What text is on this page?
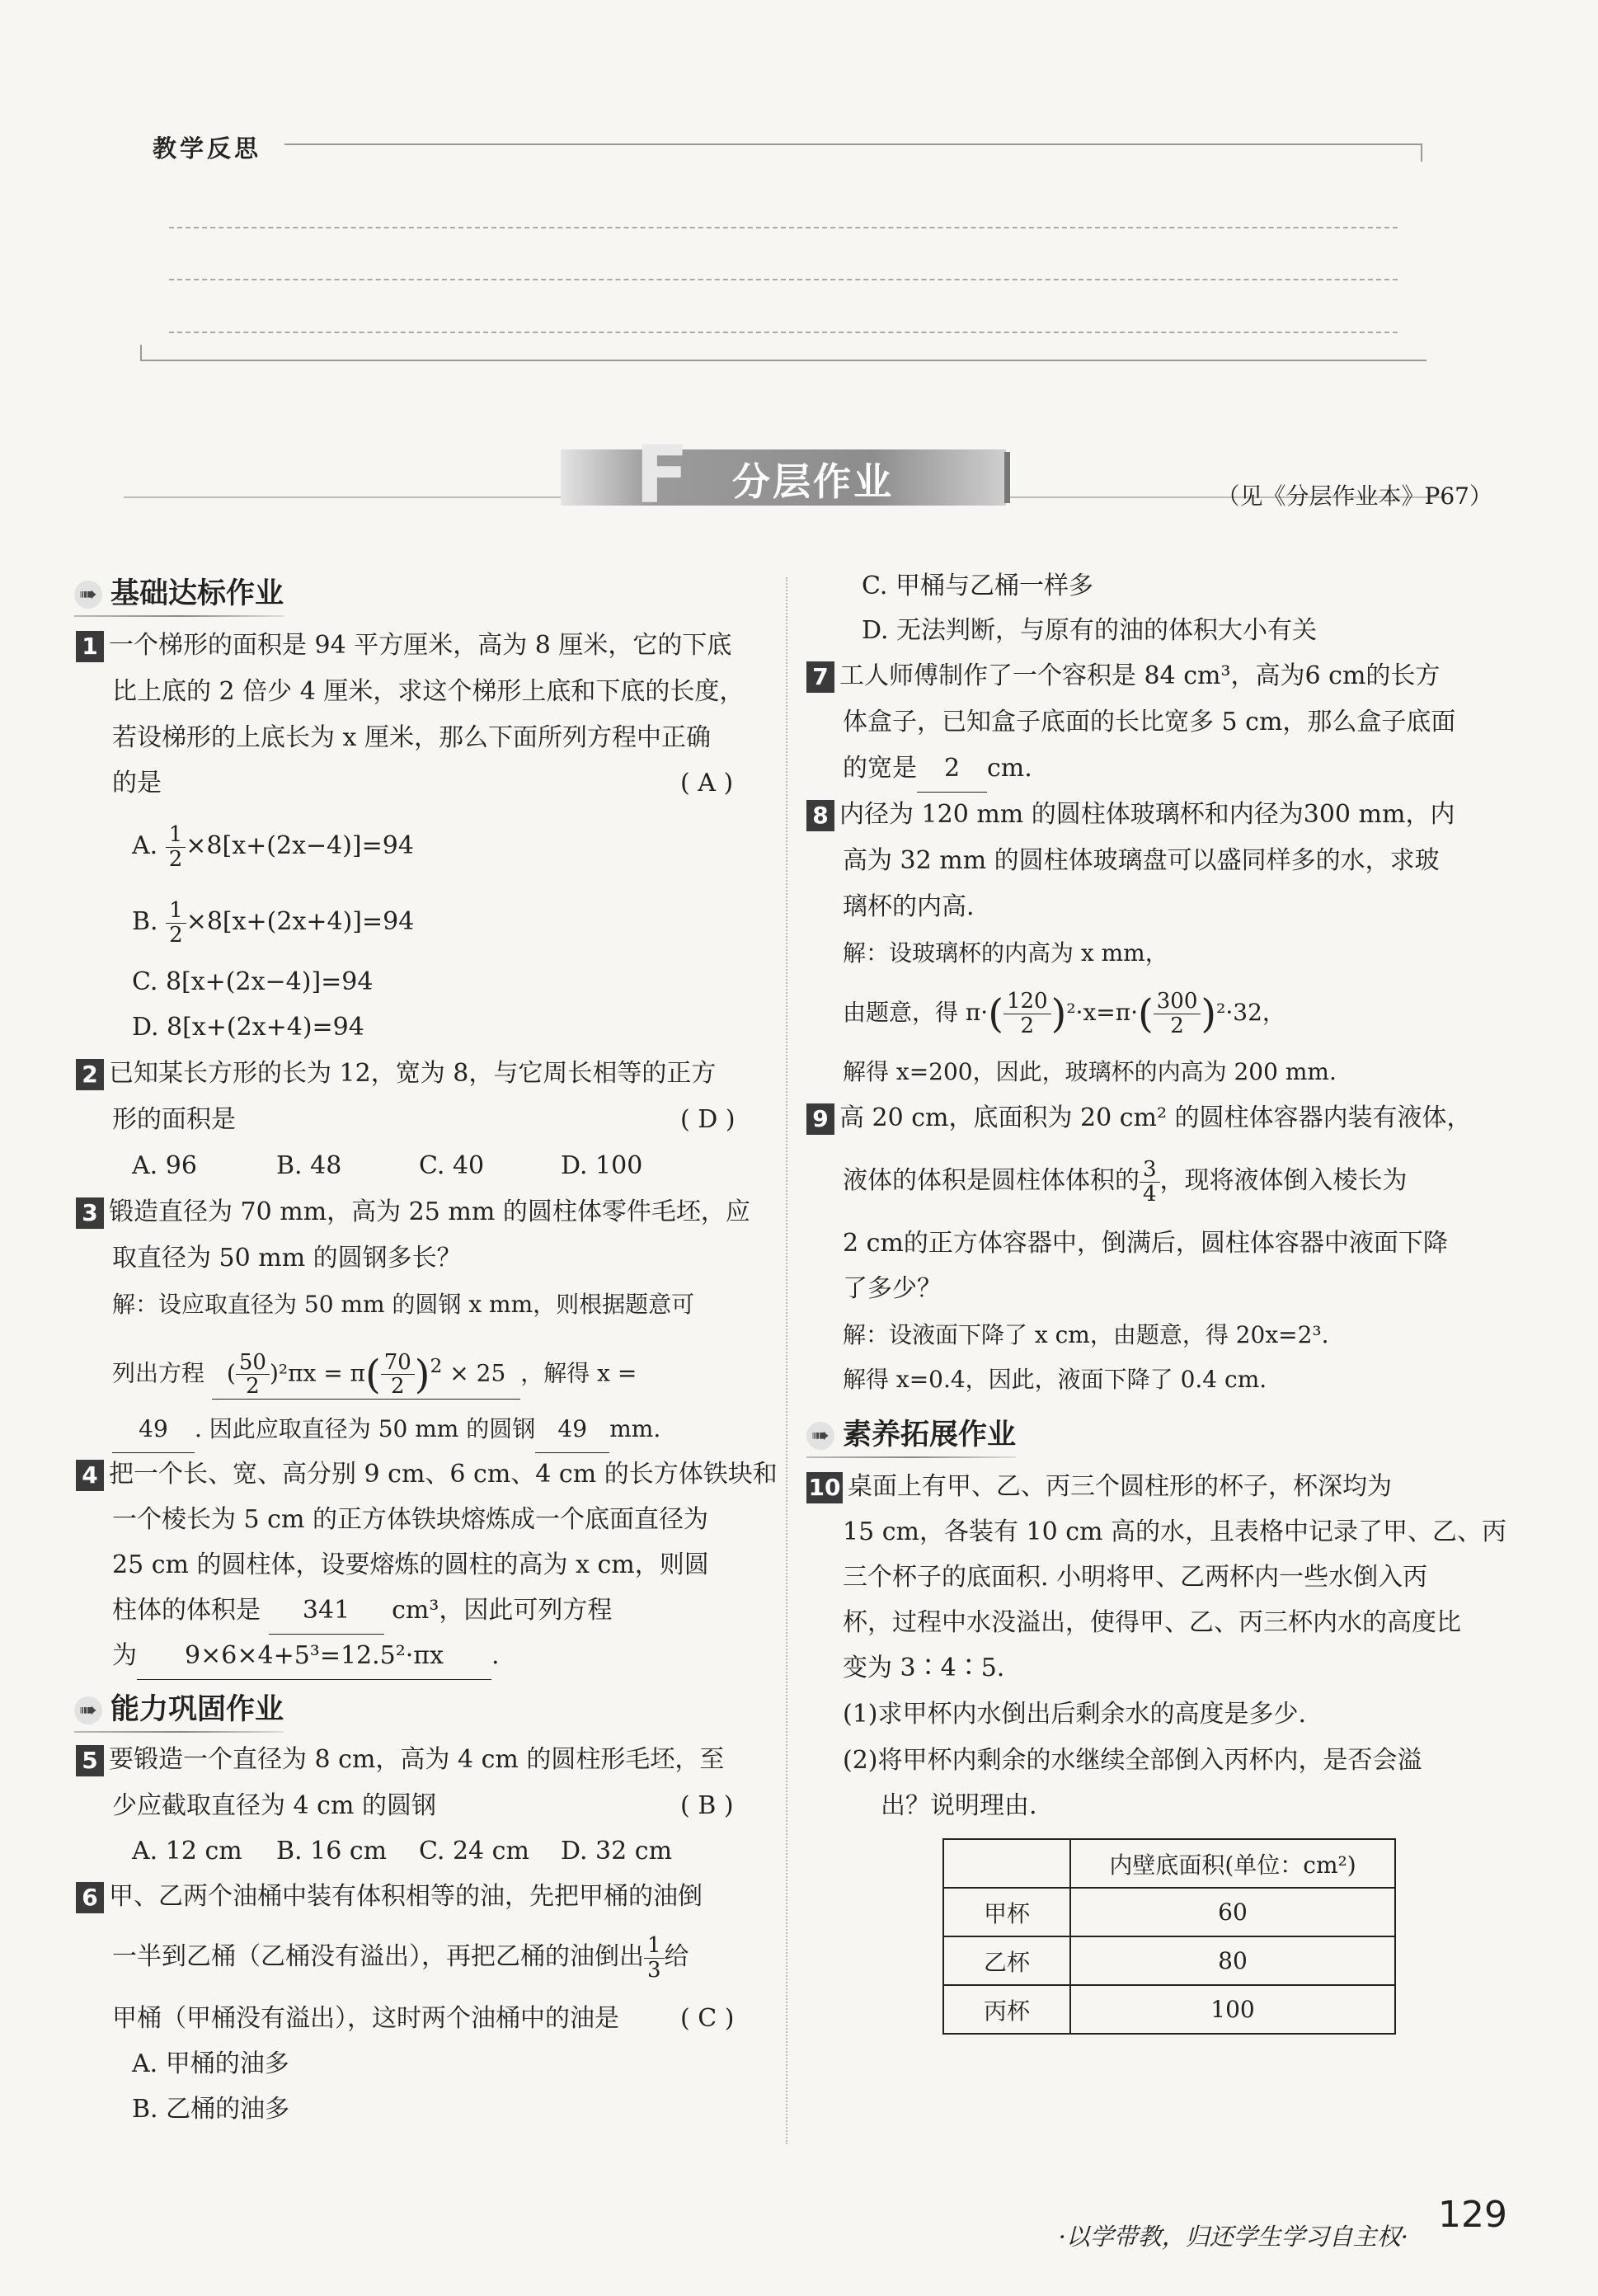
教学反思
F 分层作业	（见《分层作业本》P67）
➠ 基础达标作业
1 一个梯形的面积是 94 平方厘米，高为 8 厘米，它的下底
比上底的 2 倍少 4 厘米，求这个梯形上底和下底的长度，
若设梯形的上底长为 x 厘米，那么下面所列方程中正确
的是	( A )
A. $\frac{1}{2} \times 8[x+(2x-4)]=94$
B. $\frac{1}{2} \times 8[x+(2x+4)]=94$
C. 8[x+(2x−4)]=94
D. 8[x+(2x+4)=94
2 已知某长方形的长为 12，宽为 8，与它周长相等的正方
形的面积是	( D )
A. 96	B. 48	C. 40	D. 100
3 锻造直径为 70 mm，高为 25 mm 的圆柱体零件毛坯，应
取直径为 50 mm 的圆钢多长？
解：设应取直径为 50 mm 的圆钢 x mm，则根据题意可
列出方程 ( $\frac{50}{2} )^2\pi x = \pi( \frac{70}{2} )^2 \times 25$ ，解得 x =
49 . 因此应取直径为 50 mm 的圆钢 49 mm.
4 把一个长、宽、高分别 9 cm、6 cm、4 cm 的长方体铁块和
一个棱长为 5 cm 的正方体铁块熔炼成一个底面直径为
25 cm 的圆柱体，设要熔炼的圆柱的高为 x cm，则圆
柱体的体积是 341 cm³，因此可列方程
为 9×6×4+5³=12.5²·πx .
➠ 能力巩固作业
5 要锻造一个直径为 8 cm，高为 4 cm 的圆柱形毛坯，至
少应截取直径为 4 cm 的圆钢	( B )
A. 12 cm B. 16 cm C. 24 cm D. 32 cm
6 甲、乙两个油桶中装有体积相等的油，先把甲桶的油倒
一半到乙桶（乙桶没有溢出），再把乙桶的油倒出 $\frac{1}{3}$ 给
甲桶（甲桶没有溢出），这时两个油桶中的油是 ( C )
A. 甲桶的油多
B. 乙桶的油多
C. 甲桶与乙桶一样多
D. 无法判断，与原有的油的体积大小有关
7 工人师傅制作了一个容积是 84 cm³，高为6 cm的长方
体盒子，已知盒子底面的长比宽多 5 cm，那么盒子底面
的宽是 2 cm.
8 内径为 120 mm 的圆柱体玻璃杯和内径为300 mm，内
高为 32 mm 的圆柱体玻璃盘可以盛同样多的水，求玻
璃杯的内高.
解：设玻璃杯的内高为 x mm，
由题意，得 $\pi\cdot( \frac{120}{2} )^2\cdot x=\pi\cdot( \frac{300}{2} )^2\cdot 32$，
解得 x=200，因此，玻璃杯的内高为 200 mm.
9 高 20 cm，底面积为 20 cm² 的圆柱体容器内装有液体，
液体的体积是圆柱体体积的 $\frac{3}{4}$ ，现将液体倒入棱长为
2 cm的正方体容器中，倒满后，圆柱体容器中液面下降
了多少？
解：设液面下降了 x cm，由题意，得 20x=2³.
解得 x=0.4，因此，液面下降了 0.4 cm.
➠ 素养拓展作业
10 桌面上有甲、乙、丙三个圆柱形的杯子，杯深均为
15 cm，各装有 10 cm 高的水，且表格中记录了甲、乙、丙
三个杯子的底面积. 小明将甲、乙两杯内一些水倒入丙
杯，过程中水没溢出，使得甲、乙、丙三杯内水的高度比
变为 3∶4∶5.
(1)求甲杯内水倒出后剩余水的高度是多少.
(2)将甲杯内剩余的水继续全部倒入丙杯内，是否会溢
出？说明理由.
	内壁底面积(单位：cm²)
甲杯	60
乙杯	80
丙杯	100
·以学带教，归还学生学习自主权·
129
